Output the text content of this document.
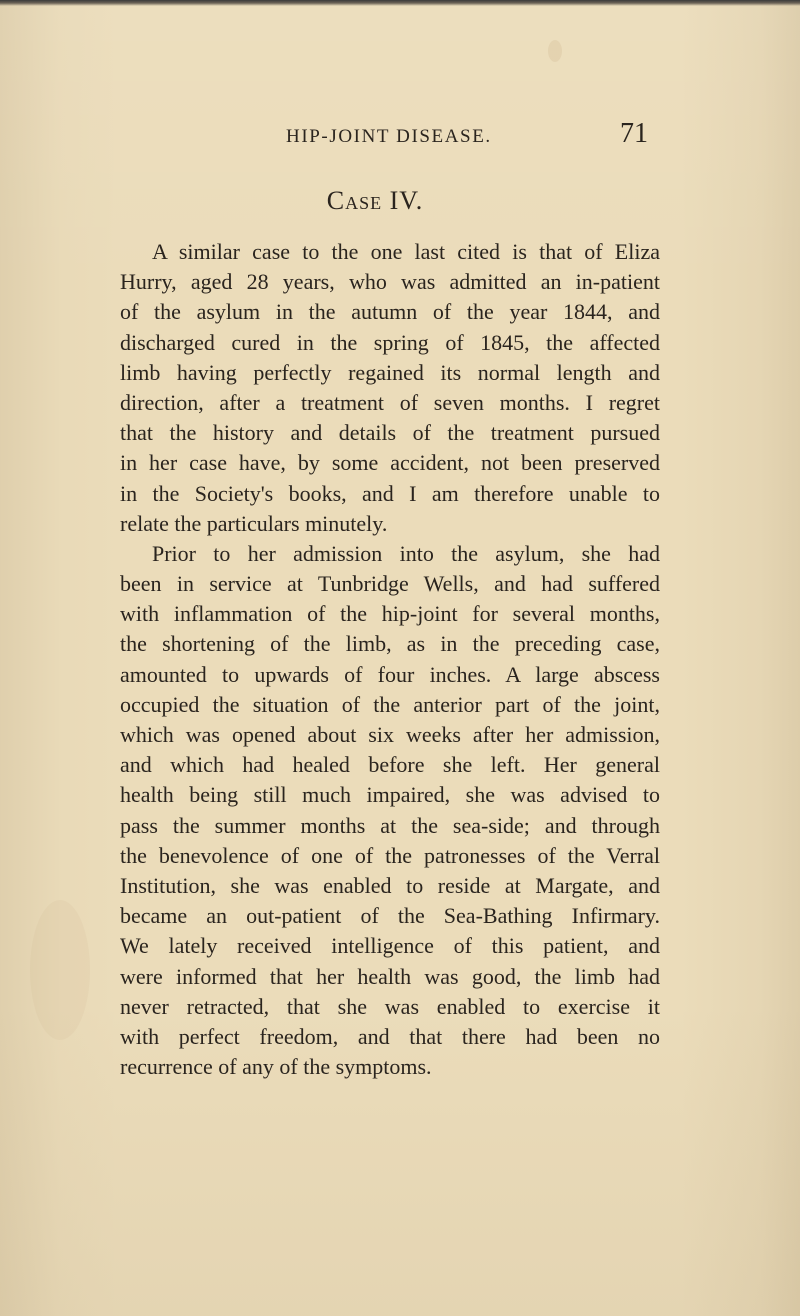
HIP-JOINT DISEASE.	71
Case IV.
A similar case to the one last cited is that of Eliza
Hurry, aged 28 years, who was admitted an in-patient
of the asylum in the autumn of the year 1844, and
discharged cured in the spring of 1845, the affected
limb having perfectly regained its normal length and
direction, after a treatment of seven months. I regret
that the history and details of the treatment pursued
in her case have, by some accident, not been preserved
in the Society's books, and I am therefore unable to
relate the particulars minutely.
Prior to her admission into the asylum, she had
been in service at Tunbridge Wells, and had suffered
with inflammation of the hip-joint for several months,
the shortening of the limb, as in the preceding case,
amounted to upwards of four inches. A large abscess
occupied the situation of the anterior part of the joint,
which was opened about six weeks after her admission,
and which had healed before she left. Her general
health being still much impaired, she was advised to
pass the summer months at the sea-side; and through
the benevolence of one of the patronesses of the Verral
Institution, she was enabled to reside at Margate, and
became an out-patient of the Sea-Bathing Infirmary.
We lately received intelligence of this patient, and
were informed that her health was good, the limb had
never retracted, that she was enabled to exercise it
with perfect freedom, and that there had been no
recurrence of any of the symptoms.
